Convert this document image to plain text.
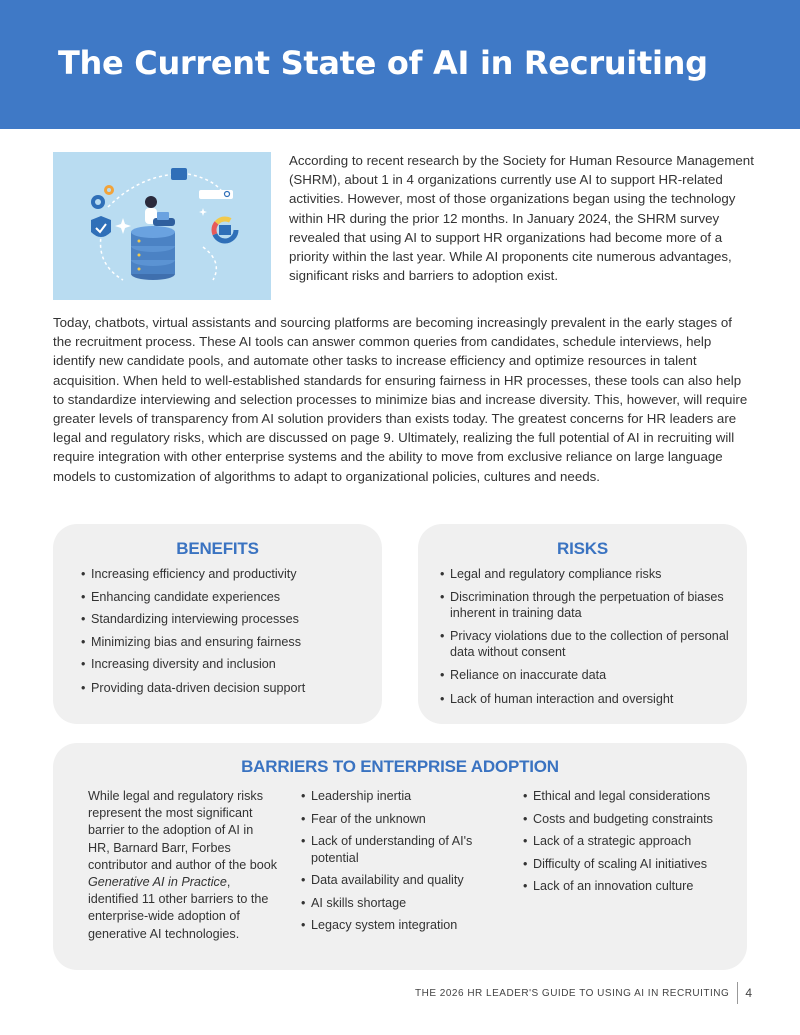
The Current State of AI in Recruiting

According to recent research by the Society for Human Resource Management (SHRM), about 1 in 4 organizations currently use AI to support HR-related activities. However, most of those organizations began using the technology within HR during the prior 12 months. In January 2024, the SHRM survey revealed that using AI to support HR organizations had become more of a priority within the last year. While AI proponents cite numerous advantages, significant risks and barriers to adoption exist.

Today, chatbots, virtual assistants and sourcing platforms are becoming increasingly prevalent in the early stages of the recruitment process. These AI tools can answer common queries from candidates, schedule interviews, help identify new candidate pools, and automate other tasks to increase efficiency and optimize resources in talent acquisition. When held to well-established standards for ensuring fairness in HR processes, these tools can also help to standardize interviewing and selection processes to minimize bias and increase diversity. This, however, will require greater levels of transparency from AI solution providers than exists today. The greatest concerns for HR leaders are legal and regulatory risks, which are discussed on page 9. Ultimately, realizing the full potential of AI in recruiting will require integration with other enterprise systems and the ability to move from exclusive reliance on large language models to customization of algorithms to adapt to organizational policies, cultures and needs.

BENEFITS
• Increasing efficiency and productivity
• Enhancing candidate experiences
• Standardizing interviewing processes
• Minimizing bias and ensuring fairness
• Increasing diversity and inclusion
• Providing data-driven decision support
RISKS
• Legal and regulatory compliance risks
• Discrimination through the perpetuation of biases inherent in training data
• Privacy violations due to the collection of personal data without consent
• Reliance on inaccurate data
• Lack of human interaction and oversight
BARRIERS TO ENTERPRISE ADOPTION

While legal and regulatory risks represent the most significant barrier to the adoption of AI in HR, Barnard Barr, Forbes contributor and author of the book Generative AI in Practice, identified 11 other barriers to the enterprise-wide adoption of generative AI technologies.

• Leadership inertia
• Fear of the unknown
• Lack of understanding of AI's potential
• Data availability and quality
• AI skills shortage
• Legacy system integration
• Ethical and legal considerations
• Costs and budgeting constraints
• Lack of a strategic approach
• Difficulty of scaling AI initiatives
• Lack of an innovation culture
THE 2026 HR LEADER'S GUIDE TO USING AI IN RECRUITING	4
